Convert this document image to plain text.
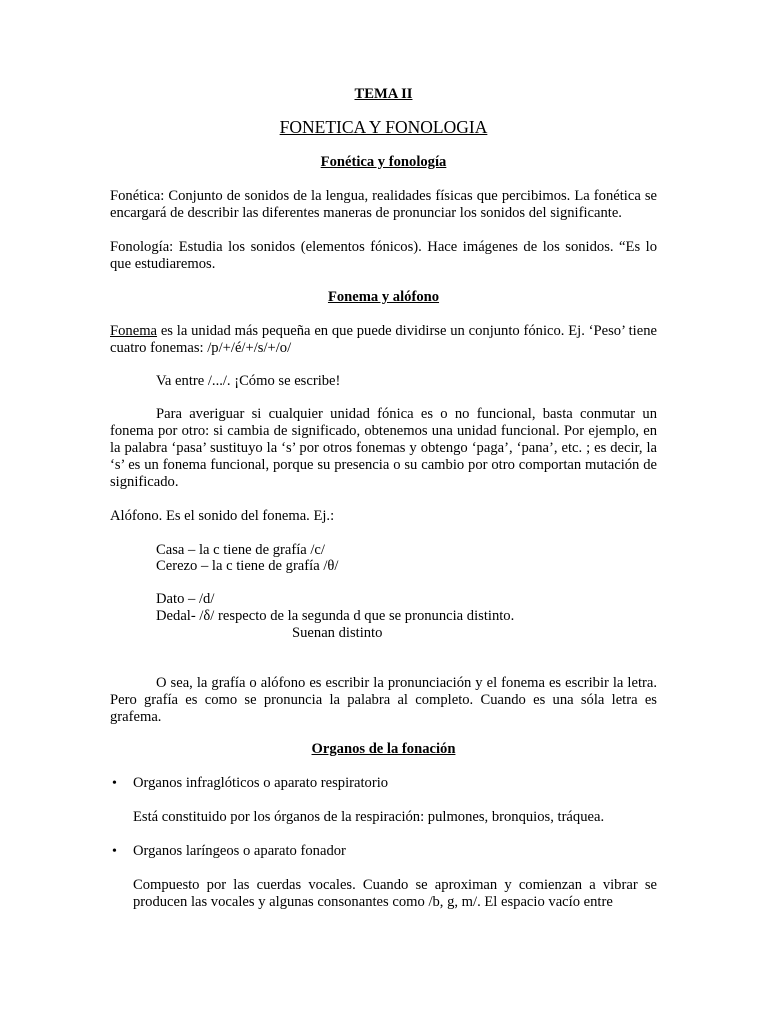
TEMA II
FONETICA Y FONOLOGIA
Fonética y fonología
Fonética: Conjunto de sonidos de la lengua, realidades físicas que percibimos. La fonética se encargará de describir las diferentes maneras de pronunciar los sonidos del significante.
Fonología: Estudia los sonidos (elementos fónicos). Hace imágenes de los sonidos. “Es lo que estudiaremos.
Fonema y alófono
Fonema es la unidad más pequeña en que puede dividirse un conjunto fónico. Ej. ‘Peso’ tiene cuatro fonemas: /p/+/é/+/s/+/o/
Va entre /.../. ¡Cómo se escribe!
Para averiguar si cualquier unidad fónica es o no funcional, basta conmutar un fonema por otro: si cambia de significado, obtenemos una unidad funcional. Por ejemplo, en la palabra ‘pasa’ sustituyo la ‘s’ por otros fonemas y obtengo ‘paga’, ‘pana’, etc. ; es decir, la ‘s’ es un fonema funcional, porque su presencia o su cambio por otro comportan mutación de significado.
Alófono. Es el sonido del fonema. Ej.:
Casa – la c tiene de grafía /c/
Cerezo – la c tiene de grafía /θ/
Dato – /d/
Dedal- /δ/ respecto de la segunda d que se pronuncia distinto.
Suenan distinto
O sea, la grafía o alófono es escribir la pronunciación y el fonema es escribir la letra. Pero grafía es como se pronuncia la palabra al completo. Cuando es una sóla letra es grafema.
Organos de la fonación
• Organos infraglóticos o aparato respiratorio
Está constituido por los órganos de la respiración: pulmones, bronquios, tráquea.
• Organos laríngeos o aparato fonador
Compuesto por las cuerdas vocales. Cuando se aproximan y comienzan a vibrar se producen las vocales y algunas consonantes como /b, g, m/. El espacio vacío entre
